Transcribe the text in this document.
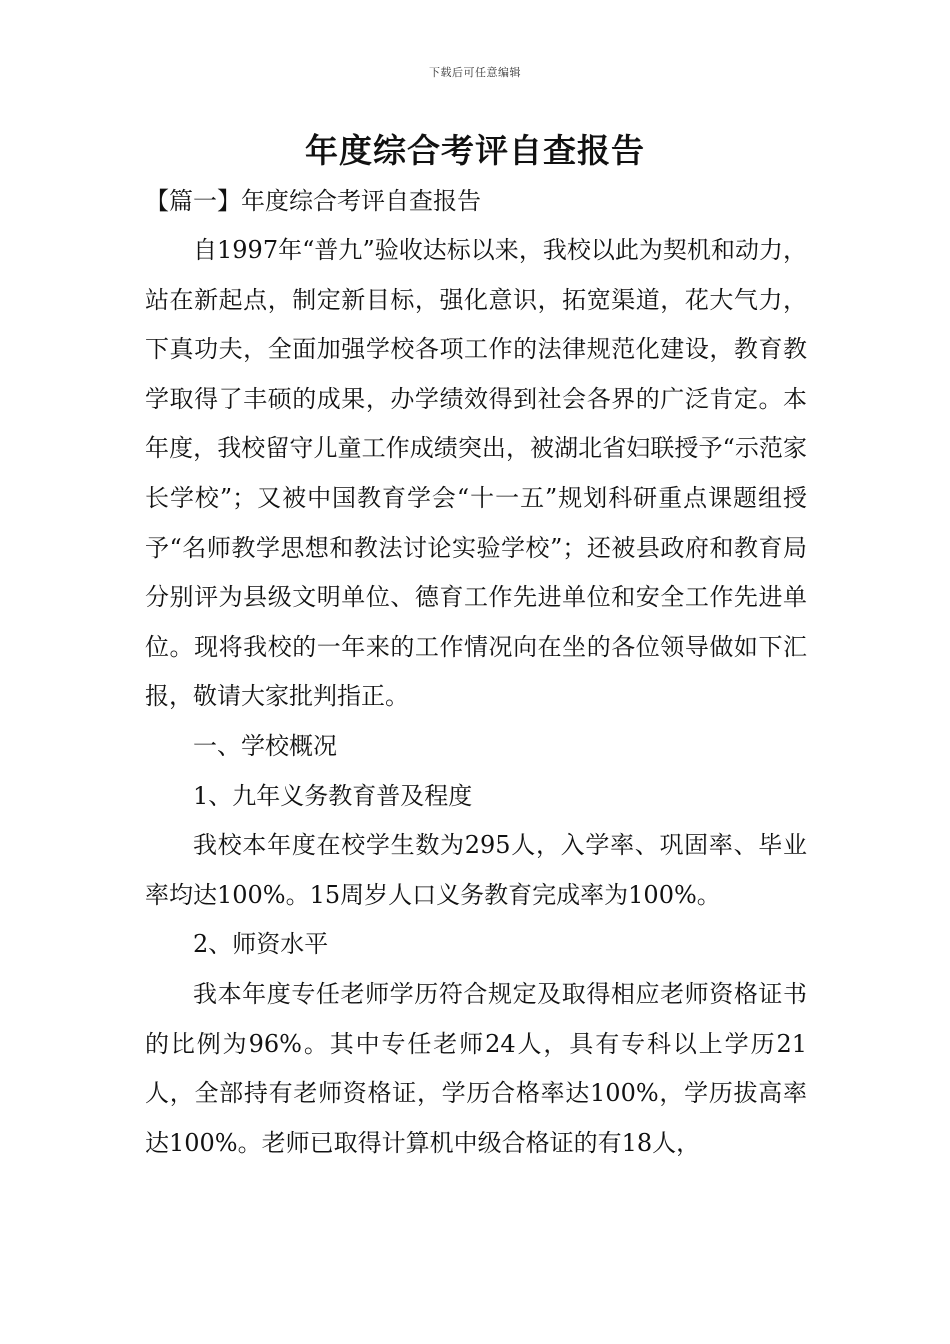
下载后可任意编辑
年度综合考评自查报告
【篇一】年度综合考评自查报告

自1997年“普九”验收达标以来，我校以此为契机和动力，站在新起点，制定新目标，强化意识，拓宽渠道，花大气力，下真功夫，全面加强学校各项工作的法律规范化建设，教育教学取得了丰硕的成果，办学绩效得到社会各界的广泛肯定。本年度，我校留守儿童工作成绩突出，被湖北省妇联授予“示范家长学校”；又被中国教育学会“十一五”规划科研重点课题组授予“名师教学思想和教法讨论实验学校”；还被县政府和教育局分别评为县级文明单位、德育工作先进单位和安全工作先进单位。现将我校的一年来的工作情况向在坐的各位领导做如下汇报，敬请大家批判指正。

一、学校概况

1、九年义务教育普及程度

我校本年度在校学生数为295人，入学率、巩固率、毕业率均达100%。15周岁人口义务教育完成率为100%。

2、师资水平

我本年度专任老师学历符合规定及取得相应老师资格证书的比例为96%。其中专任老师24人，具有专科以上学历21人，全部持有老师资格证，学历合格率达100%，学历拔高率达100%。老师已取得计算机中级合格证的有18人，
